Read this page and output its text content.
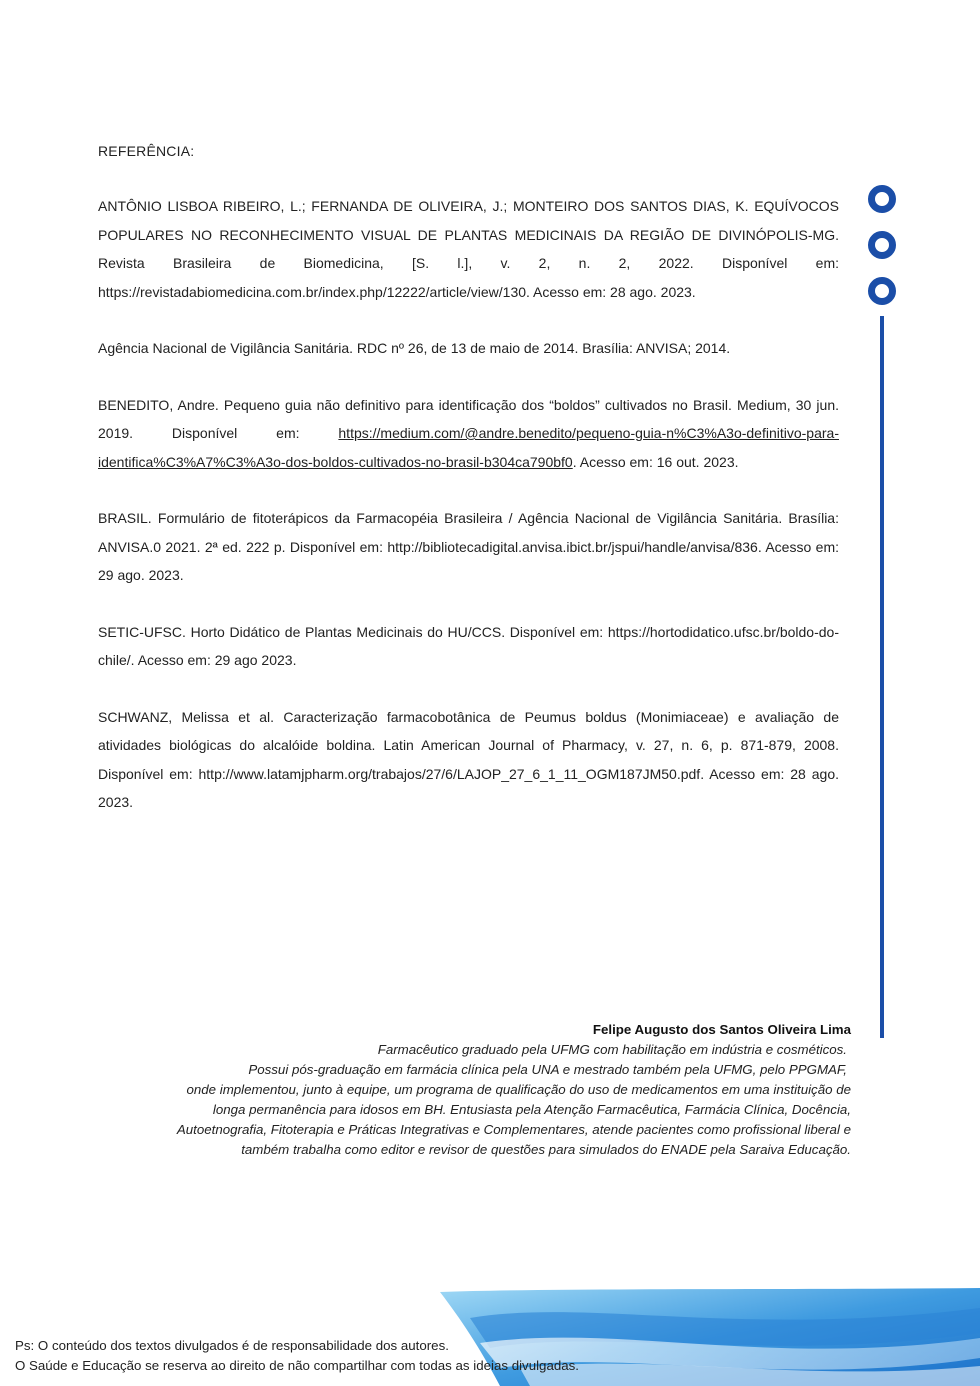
REFERÊNCIA:

ANTÔNIO LISBOA RIBEIRO, L.; FERNANDA DE OLIVEIRA, J.; MONTEIRO DOS SANTOS DIAS, K. EQUÍVOCOS POPULARES NO RECONHECIMENTO VISUAL DE PLANTAS MEDICINAIS DA REGIÃO DE DIVINÓPOLIS-MG. Revista Brasileira de Biomedicina, [S. l.], v. 2, n. 2, 2022. Disponível em: https://revistadabiomedicina.com.br/index.php/12222/article/view/130. Acesso em: 28 ago. 2023.

Agência Nacional de Vigilância Sanitária. RDC nº 26, de 13 de maio de 2014. Brasília: ANVISA; 2014.

BENEDITO, Andre. Pequeno guia não definitivo para identificação dos “boldos” cultivados no Brasil. Medium, 30 jun. 2019. Disponível em: https://medium.com/@andre.benedito/pequeno-guia-n%C3%A3o-definitivo-para-identifica%C3%A7%C3%A3o-dos-boldos-cultivados-no-brasil-b304ca790bf0. Acesso em: 16 out. 2023.

BRASIL. Formulário de fitoterápicos da Farmacopéia Brasileira / Agência Nacional de Vigilância Sanitária. Brasília: ANVISA.0 2021. 2ª ed. 222 p. Disponível em: http://bibliotecadigital.anvisa.ibict.br/jspui/handle/anvisa/836. Acesso em: 29 ago. 2023.

SETIC-UFSC. Horto Didático de Plantas Medicinais do HU/CCS. Disponível em: https://hortodidatico.ufsc.br/boldo-do-chile/. Acesso em: 29 ago 2023.

SCHWANZ, Melissa et al. Caracterização farmacobotânica de Peumus boldus (Monimiaceae) e avaliação de atividades biológicas do alcalóide boldina. Latin American Journal of Pharmacy, v. 27, n. 6, p. 871-879, 2008. Disponível em: http://www.latamjpharm.org/trabajos/27/6/LAJOP_27_6_1_11_OGM187JM50.pdf. Acesso em: 28 ago. 2023.

Felipe Augusto dos Santos Oliveira Lima
Farmacêutico graduado pela UFMG com habilitação em indústria e cosméticos.
Possui pós-graduação em farmácia clínica pela UNA e mestrado também pela UFMG, pelo PPGMAF,
onde implementou, junto à equipe, um programa de qualificação do uso de medicamentos em uma instituição de
longa permanência para idosos em BH. Entusiasta pela Atenção Farmacêutica, Farmácia Clínica, Docência,
Autoetnografia, Fitoterapia e Práticas Integrativas e Complementares, atende pacientes como profissional liberal e
também trabalha como editor e revisor de questões para simulados do ENADE pela Saraiva Educação.
Ps: O conteúdo dos textos divulgados é de responsabilidade dos autores.
O Saúde e Educação se reserva ao direito de não compartilhar com todas as ideias divulgadas.
